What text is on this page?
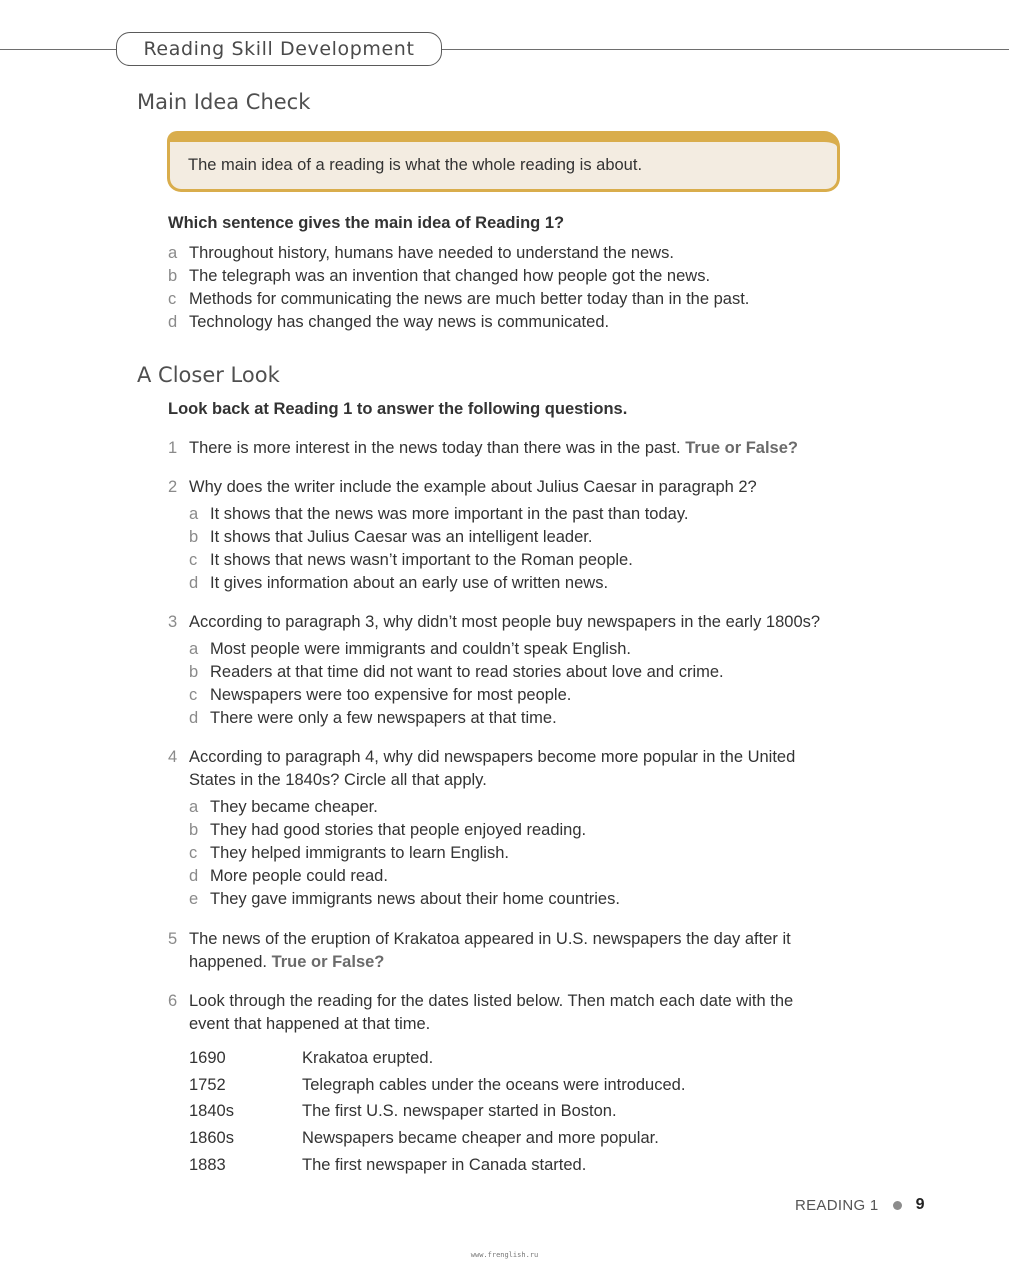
Reading Skill Development
Main Idea Check
The main idea of a reading is what the whole reading is about.
Which sentence gives the main idea of Reading 1?
a Throughout history, humans have needed to understand the news.
b The telegraph was an invention that changed how people got the news.
c Methods for communicating the news are much better today than in the past.
d Technology has changed the way news is communicated.
A Closer Look
Look back at Reading 1 to answer the following questions.
1 There is more interest in the news today than there was in the past. True or False?
2 Why does the writer include the example about Julius Caesar in paragraph 2?
a It shows that the news was more important in the past than today.
b It shows that Julius Caesar was an intelligent leader.
c It shows that news wasn’t important to the Roman people.
d It gives information about an early use of written news.
3 According to paragraph 3, why didn’t most people buy newspapers in the early 1800s?
a Most people were immigrants and couldn’t speak English.
b Readers at that time did not want to read stories about love and crime.
c Newspapers were too expensive for most people.
d There were only a few newspapers at that time.
4 According to paragraph 4, why did newspapers become more popular in the United
States in the 1840s? Circle all that apply.
a They became cheaper.
b They had good stories that people enjoyed reading.
c They helped immigrants to learn English.
d More people could read.
e They gave immigrants news about their home countries.
5 The news of the eruption of Krakatoa appeared in U.S. newspapers the day after it
happened. True or False?
6 Look through the reading for the dates listed below. Then match each date with the
event that happened at that time.
1690	Krakatoa erupted.
1752	Telegraph cables under the oceans were introduced.
1840s	The first U.S. newspaper started in Boston.
1860s	Newspapers became cheaper and more popular.
1883	The first newspaper in Canada started.
READING 1 9
www.frenglish.ru
